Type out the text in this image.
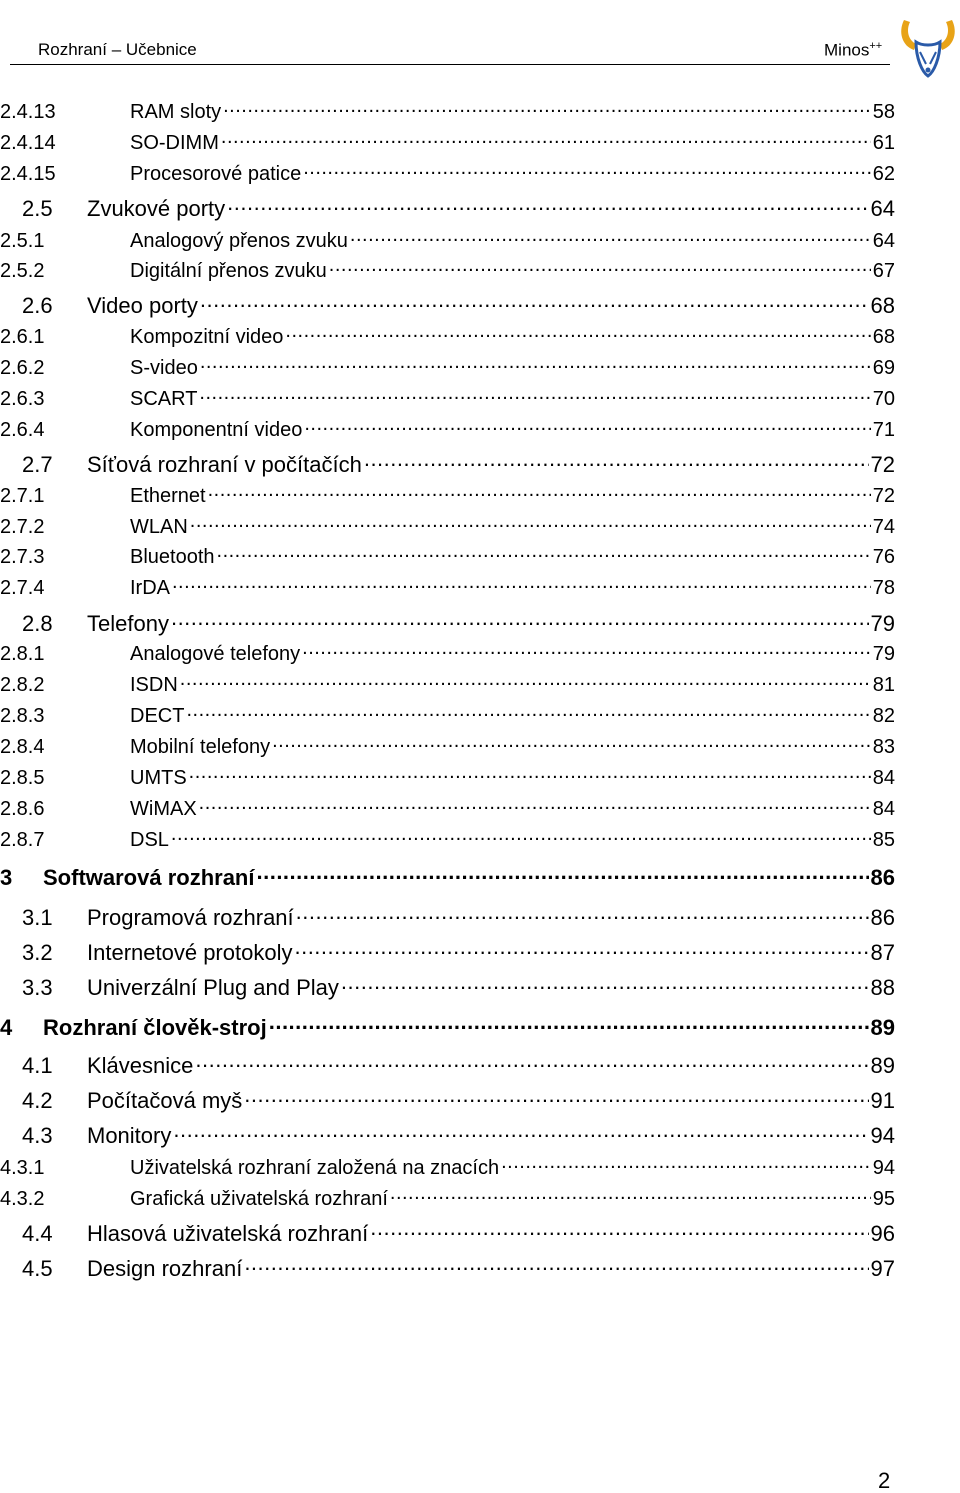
Rozhraní – Učebnice	Minos++
2.4.13	RAM sloty .....	58
2.4.14	SO-DIMM .....	61
2.4.15	Procesorové patice .....	62
2.5	Zvukové porty .....	64
2.5.1	Analogový přenos zvuku .....	64
2.5.2	Digitální přenos zvuku .....	67
2.6	Video porty .....	68
2.6.1	Kompozitní video .....	68
2.6.2	S-video .....	69
2.6.3	SCART .....	70
2.6.4	Komponentní video .....	71
2.7	Síťová rozhraní v počítačích .....	72
2.7.1	Ethernet .....	72
2.7.2	WLAN .....	74
2.7.3	Bluetooth .....	76
2.7.4	IrDA .....	78
2.8	Telefony .....	79
2.8.1	Analogové telefony .....	79
2.8.2	ISDN .....	81
2.8.3	DECT .....	82
2.8.4	Mobilní telefony .....	83
2.8.5	UMTS .....	84
2.8.6	WiMAX .....	84
2.8.7	DSL .....	85
3	Softwarová rozhraní .....	86
3.1	Programová rozhraní .....	86
3.2	Internetové protokoly .....	87
3.3	Univerzální Plug and Play .....	88
4	Rozhraní člověk-stroj .....	89
4.1	Klávesnice .....	89
4.2	Počítačová myš .....	91
4.3	Monitory .....	94
4.3.1	Uživatelská rozhraní založená na znacích .....	94
4.3.2	Grafická uživatelská rozhraní .....	95
4.4	Hlasová uživatelská rozhraní .....	96
4.5	Design rozhraní .....	97
2
